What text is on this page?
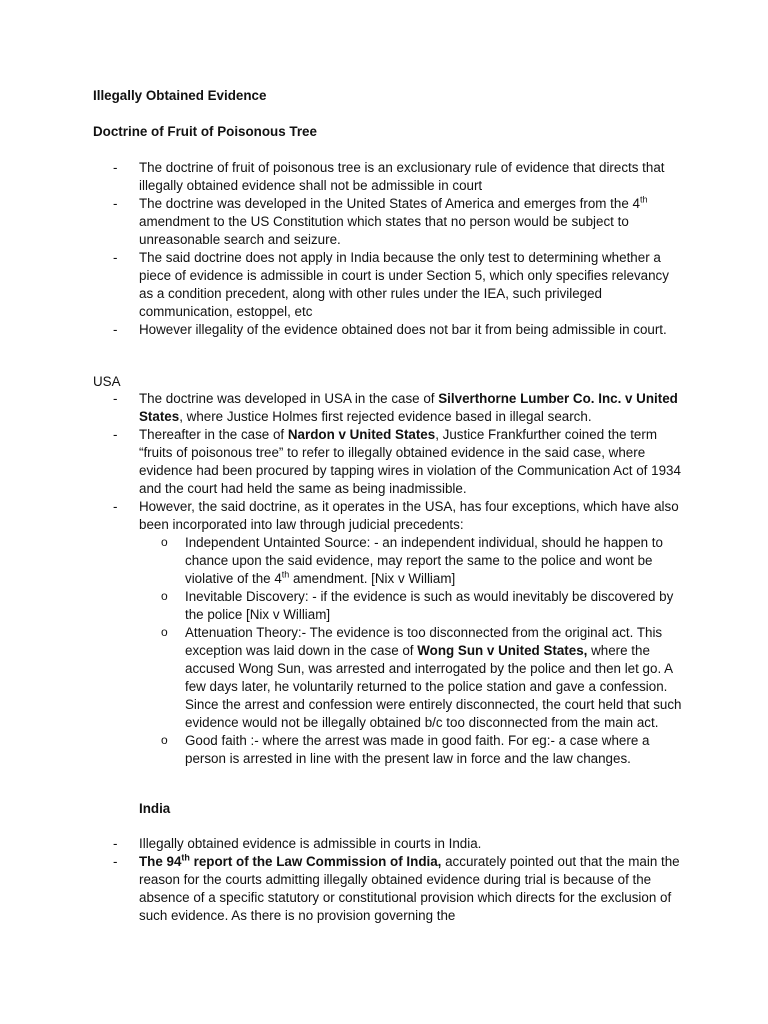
Illegally Obtained Evidence
Doctrine of Fruit of Poisonous Tree
- The doctrine of fruit of poisonous tree is an exclusionary rule of evidence that directs that illegally obtained evidence shall not be admissible in court
- The doctrine was developed in the United States of America and emerges from the 4th amendment to the US Constitution which states that no person would be subject to unreasonable search and seizure.
- The said doctrine does not apply in India because the only test to determining whether a piece of evidence is admissible in court is under Section 5, which only specifies relevancy as a condition precedent, along with other rules under the IEA, such privileged communication, estoppel, etc
- However illegality of the evidence obtained does not bar it from being admissible in court.
USA
- The doctrine was developed in USA in the case of Silverthorne Lumber Co. Inc. v United States, where Justice Holmes first rejected evidence based in illegal search.
- Thereafter in the case of Nardon v United States, Justice Frankfurther coined the term “fruits of poisonous tree” to refer to illegally obtained evidence in the said case, where evidence had been procured by tapping wires in violation of the Communication Act of 1934 and the court had held the same as being inadmissible.
- However, the said doctrine, as it operates in the USA, has four exceptions, which have also been incorporated into law through judicial precedents:
o Independent Untainted Source: - an independent individual, should he happen to chance upon the said evidence, may report the same to the police and wont be violative of the 4th amendment. [Nix v William]
o Inevitable Discovery: - if the evidence is such as would inevitably be discovered by the police [Nix v William]
o Attenuation Theory:- The evidence is too disconnected from the original act. This exception was laid down in the case of Wong Sun v United States, where the accused Wong Sun, was arrested and interrogated by the police and then let go. A few days later, he voluntarily returned to the police station and gave a confession. Since the arrest and confession were entirely disconnected, the court held that such evidence would not be illegally obtained b/c too disconnected from the main act.
o Good faith :- where the arrest was made in good faith. For eg:- a case where a person is arrested in line with the present law in force and the law changes.
India
- Illegally obtained evidence is admissible in courts in India.
- The 94th report of the Law Commission of India, accurately pointed out that the main the reason for the courts admitting illegally obtained evidence during trial is because of the absence of a specific statutory or constitutional provision which directs for the exclusion of such evidence. As there is no provision governing the
